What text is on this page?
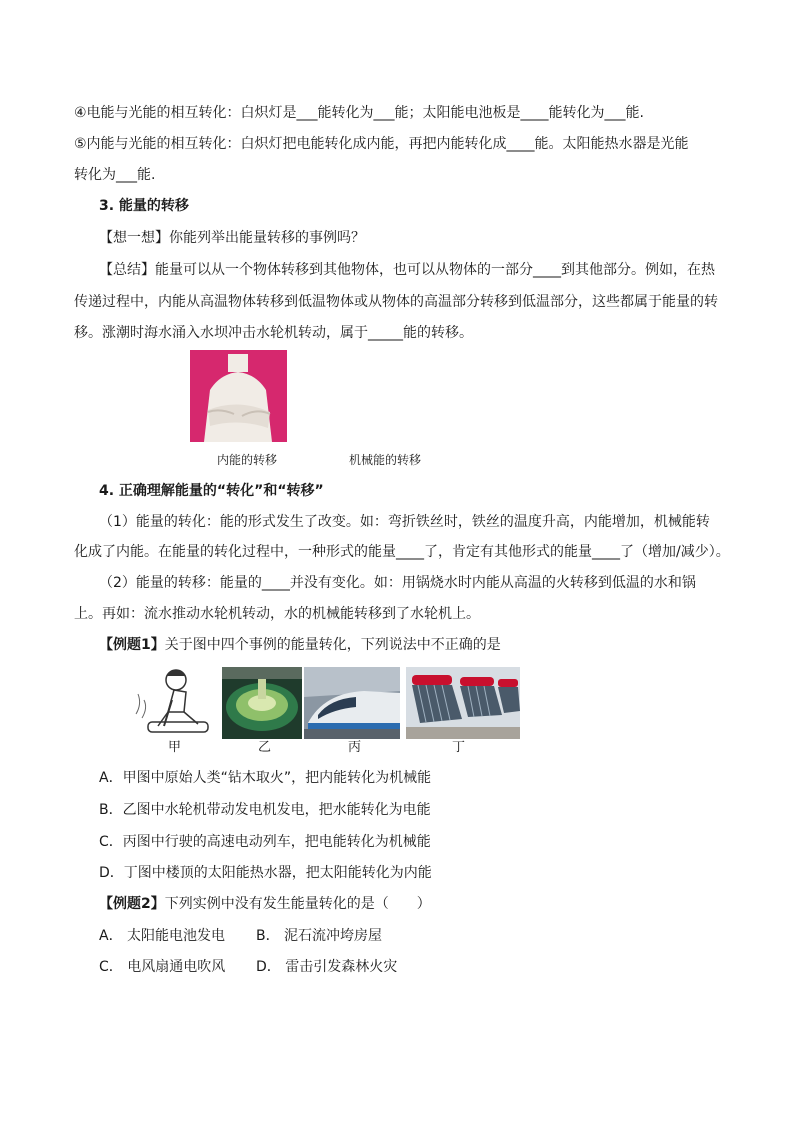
④电能与光能的相互转化：白炽灯是___能转化为___能；太阳能电池板是____能转化为___能.
⑤内能与光能的相互转化：白炽灯把电能转化成内能，再把内能转化成____能。太阳能热水器是光能
转化为___能.
3. 能量的转移
【想一想】你能列举出能量转移的事例吗？
【总结】能量可以从一个物体转移到其他物体，也可以从物体的一部分____到其他部分。例如，在热
传递过程中，内能从高温物体转移到低温物体或从物体的高温部分转移到低温部分，这些都属于能量的转
移。涨潮时海水涌入水坝冲击水轮机转动，属于_____能的转移。
内能的转移	机械能的转移
4. 正确理解能量的“转化”和“转移”
（1）能量的转化：能的形式发生了改变。如：弯折铁丝时，铁丝的温度升高，内能增加，机械能转
化成了内能。在能量的转化过程中，一种形式的能量____了，肯定有其他形式的能量____了（增加/减少）。
（2）能量的转移：能量的____并没有变化。如：用锅烧水时内能从高温的火转移到低温的水和锅
上。再如：流水推动水轮机转动，水的机械能转移到了水轮机上。
【例题1】关于图中四个事例的能量转化，下列说法中不正确的是
甲	乙	丙	丁
A．甲图中原始人类“钻木取火”，把内能转化为机械能
B．乙图中水轮机带动发电机发电，把水能转化为电能
C．丙图中行驶的高速电动列车，把电能转化为机械能
D．丁图中楼顶的太阳能热水器，把太阳能转化为内能
【例题2】下列实例中没有发生能量转化的是（　　）
A． 太阳能电池发电 B． 泥石流冲垮房屋
C． 电风扇通电吹风 D． 雷击引发森林火灾
